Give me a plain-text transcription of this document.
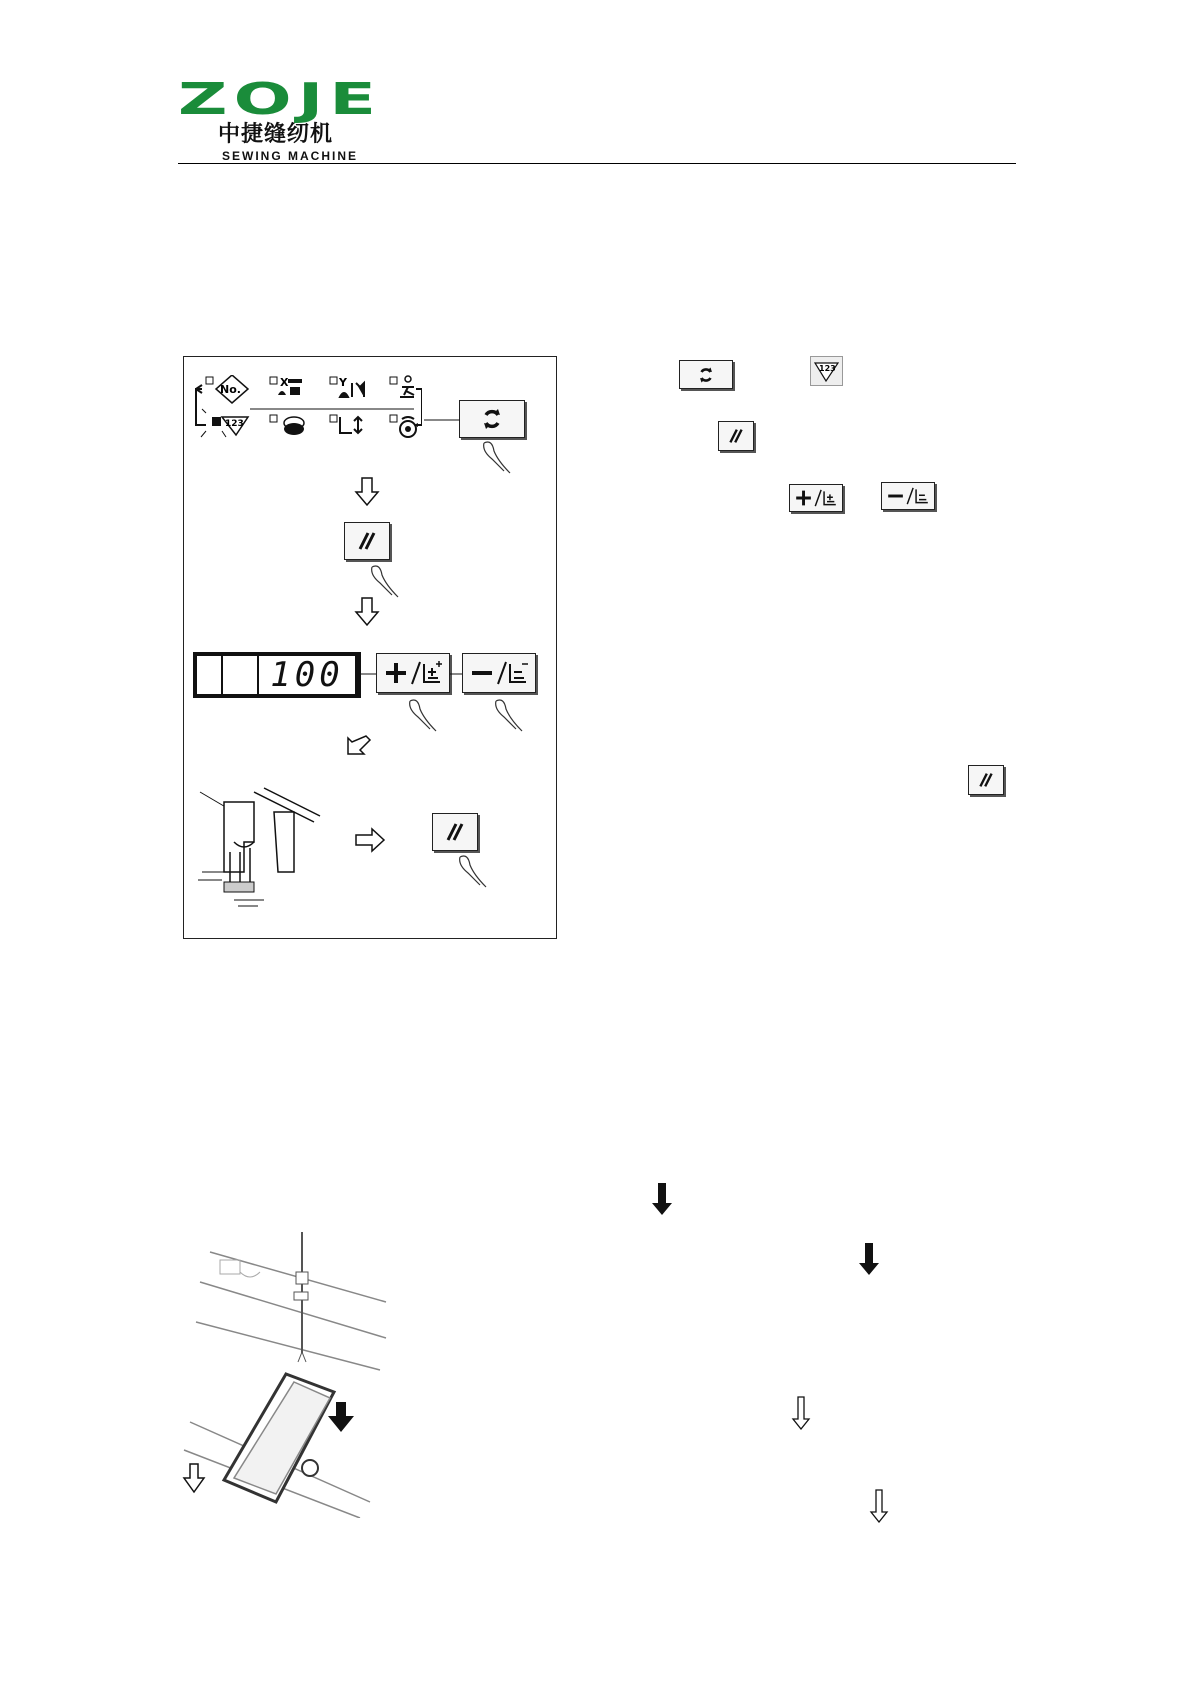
ZOJE
中捷缝纫机
SEWING MACHINE
No.
123
X	Y
100
123
